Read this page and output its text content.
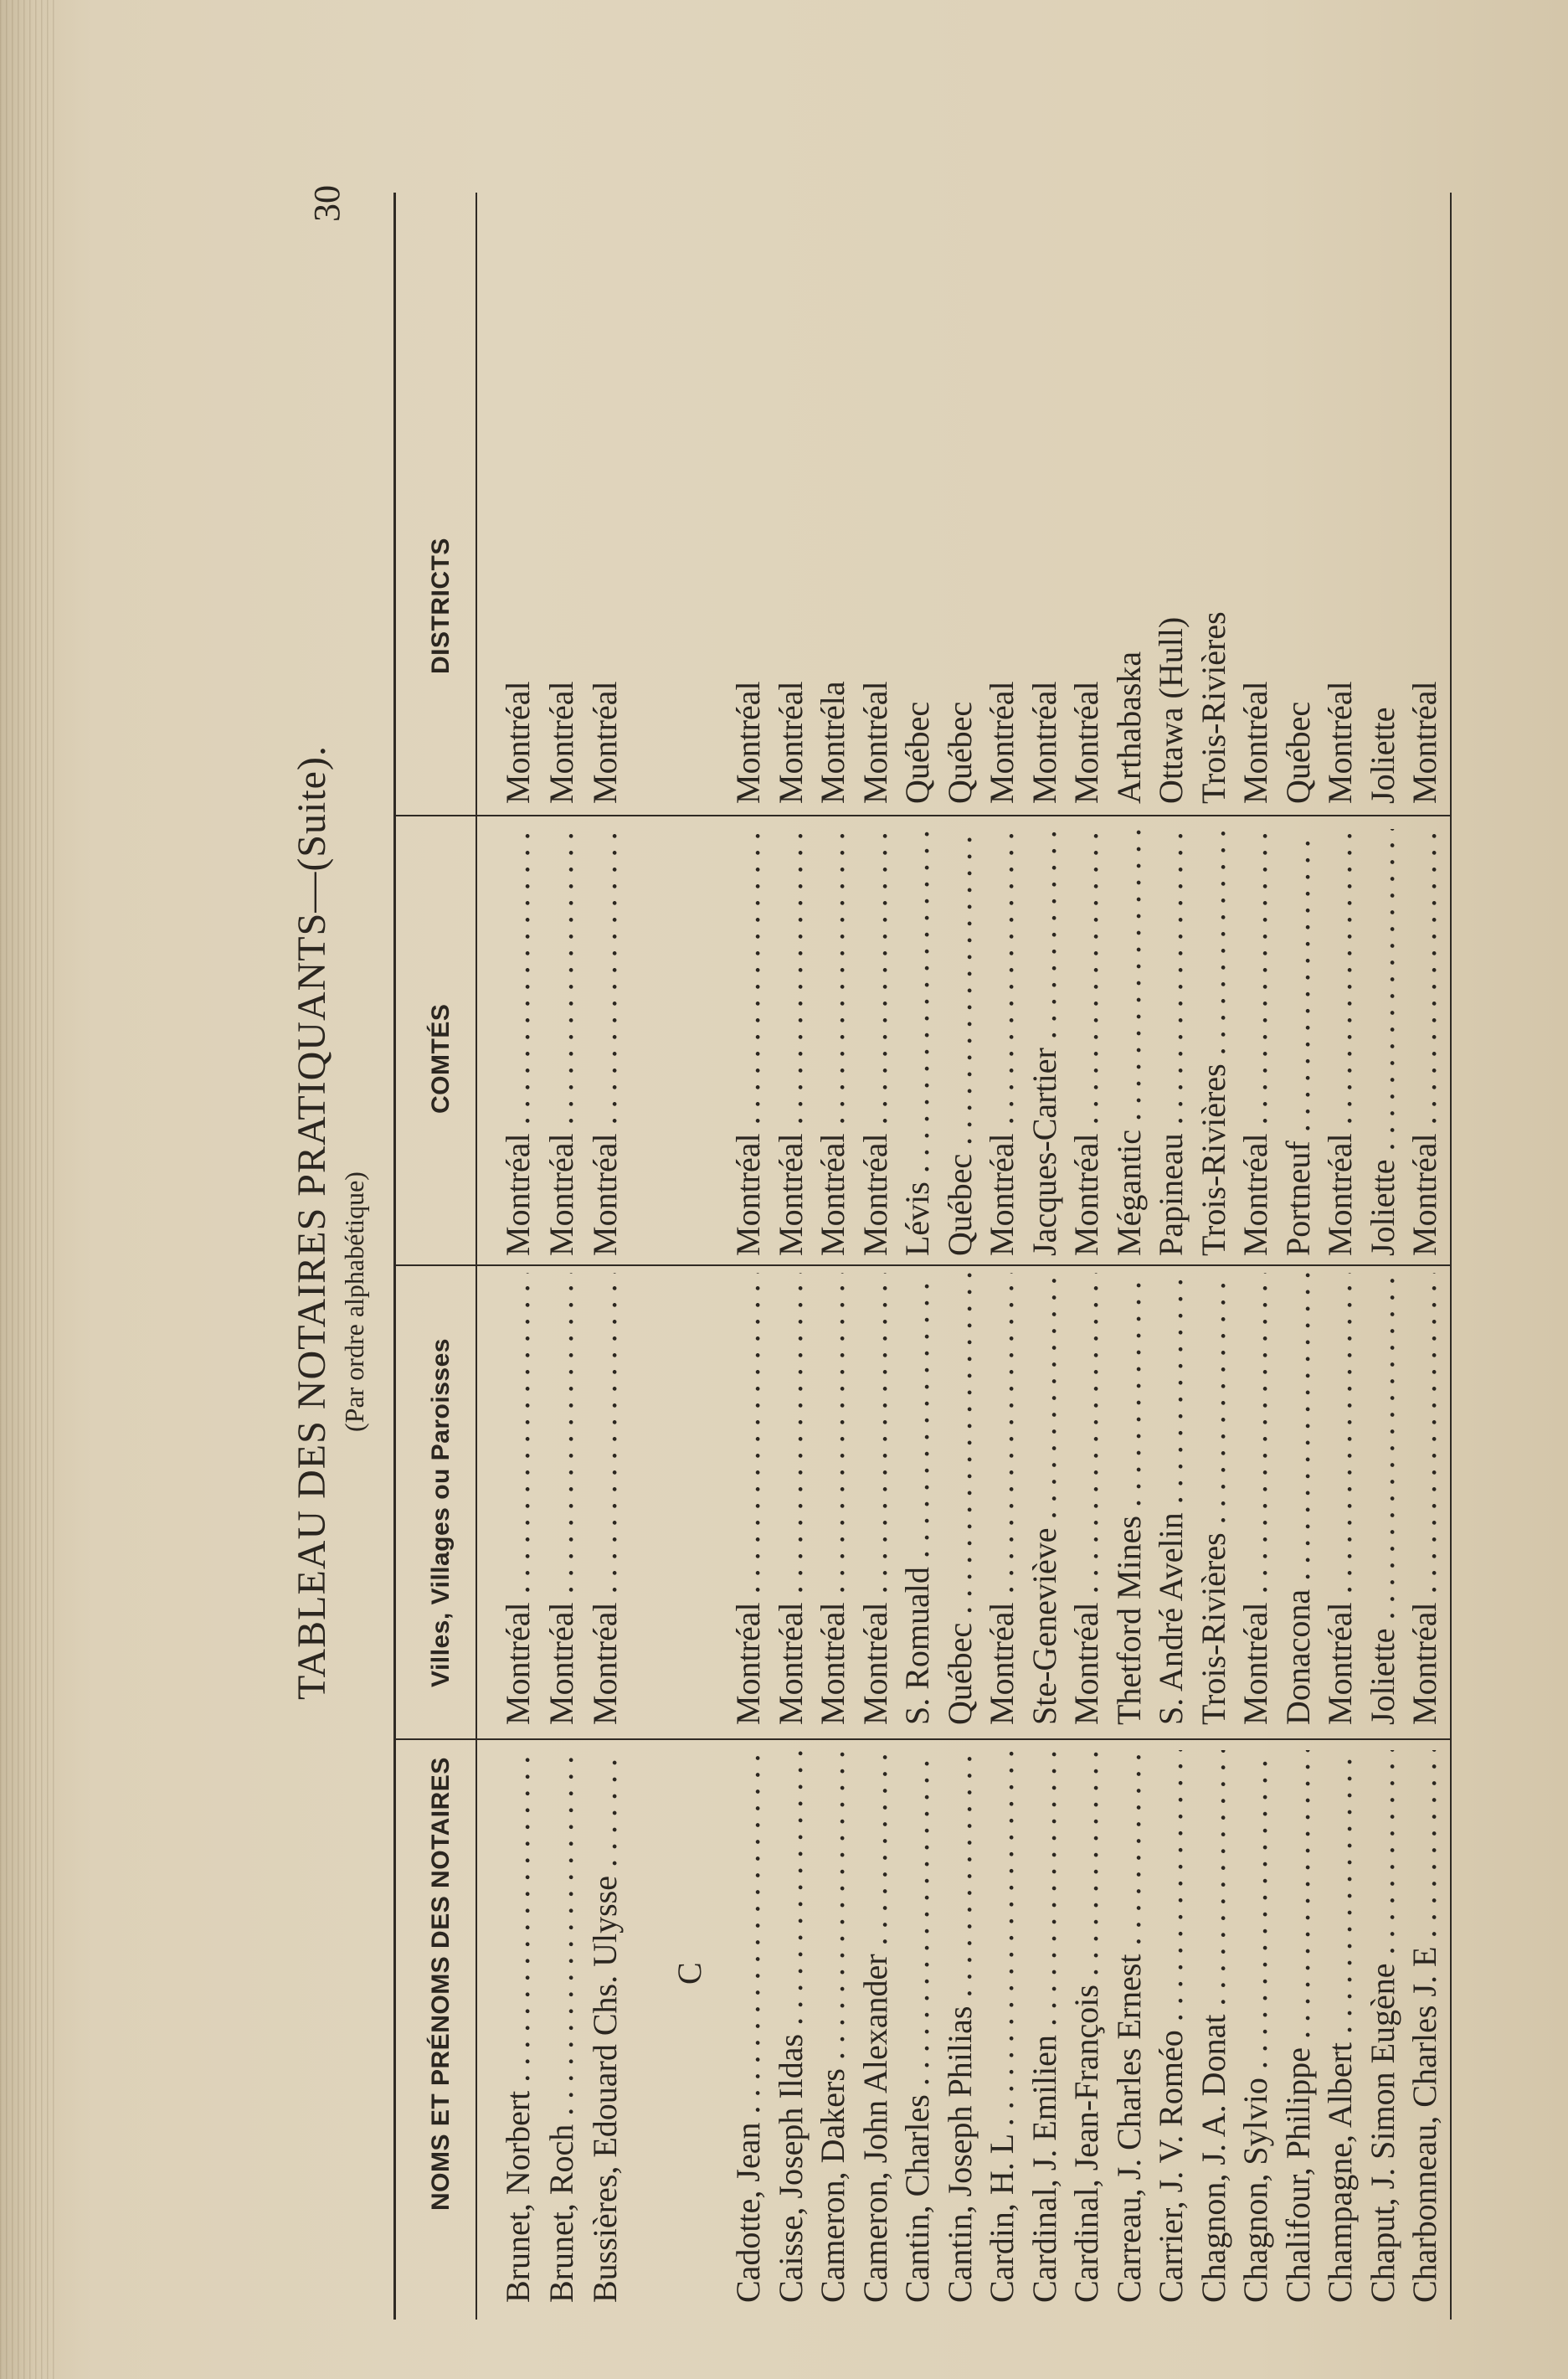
30
TABLEAU DES NOTAIRES PRATIQUANTS—(Suite). (Par ordre alphabétique)
NOMS ET PRÉNOMS DES NOTAIRES
Villes, Villages ou Paroisses
COMTÉS
DISTRICTS
Brunet, Norbert . . .
Montréal . . .
Montréal . . .
Montréal
Brunet, Roch . . .
Montréal . . .
Montréal . . .
Montréal
Bussières, Edouard Chs. Ulysse . . .
Montréal . . .
Montréal . . .
Montréal
C
Cadotte, Jean . . .
Montréal . . .
Montréal . . .
Montréal
Caisse, Joseph Ildas . . .
Montréal . . .
Montréal . . .
Montréal
Cameron, Dakers . . .
Montréal . . .
Montréal . . .
Montréla
Cameron, John Alexander . . .
Montréal . . .
Montréal . . .
Montréal
Cantin, Charles . . .
S. Romuald . . .
Lévis . . .
Québec
Cantin, Joseph Philias . . .
Québec . . .
Québec . . .
Québec
Cardin, H. L . . .
Montréal . . .
Montréal . . .
Montréal
Cardinal, J. Emilien . . .
Ste-Geneviève . . .
Jacques-Cartier . . .
Montréal
Cardinal, Jean-François . . .
Montréal . . .
Montréal . . .
Montréal
Carreau, J. Charles Ernest . . .
Thetford Mines . . .
Mégantic . . .
Arthabaska
Carrier, J. V. Roméo . . .
S. André Avelin . . .
Papineau . . .
Ottawa (Hull)
Chagnon, J. A. Donat . . .
Trois-Rivières . . .
Trois-Rivières . . .
Trois-Rivières
Chagnon, Sylvio . . .
Montréal . . .
Montréal . . .
Montréal
Chalifour, Philippe . . .
Donacona . . .
Portneuf . . .
Québec
Champagne, Albert . . .
Montréal . . .
Montréal . . .
Montréal
Chaput, J. Simon Eugène . . .
Joliette . . .
Joliette . . .
Joliette
Charbonneau, Charles J. E . . .
Montréal . . .
Montréal . . .
Montréal
